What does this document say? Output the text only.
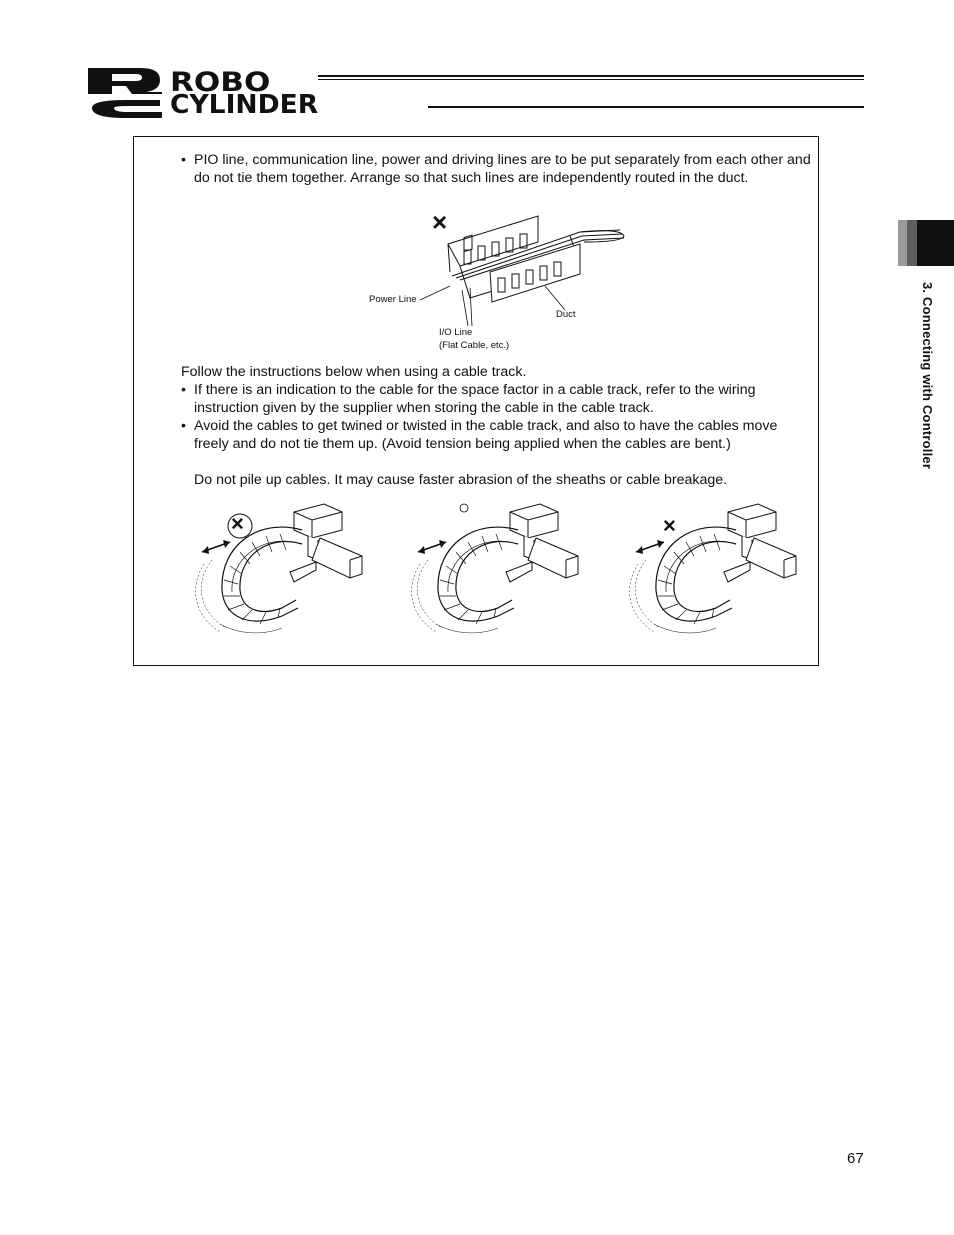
ROBO
CYLINDER
3. Connecting with Controller
• PIO line, communication line, power and driving lines are to be put separately from each other and do not tie them together. Arrange so that such lines are independently routed in the duct.
×
Power Line
Duct
I/O Line
(Flat Cable, etc.)
Follow the instructions below when using a cable track.
• If there is an indication to the cable for the space factor in a cable track, refer to the wiring instruction given by the supplier when storing the cable in the cable track.
• Avoid the cables to get twined or twisted in the cable track, and also to have the cables move freely and do not tie them up. (Avoid tension being applied when the cables are bent.)
Do not pile up cables. It may cause faster abrasion of the sheaths or cable breakage.
×
○
×
67
